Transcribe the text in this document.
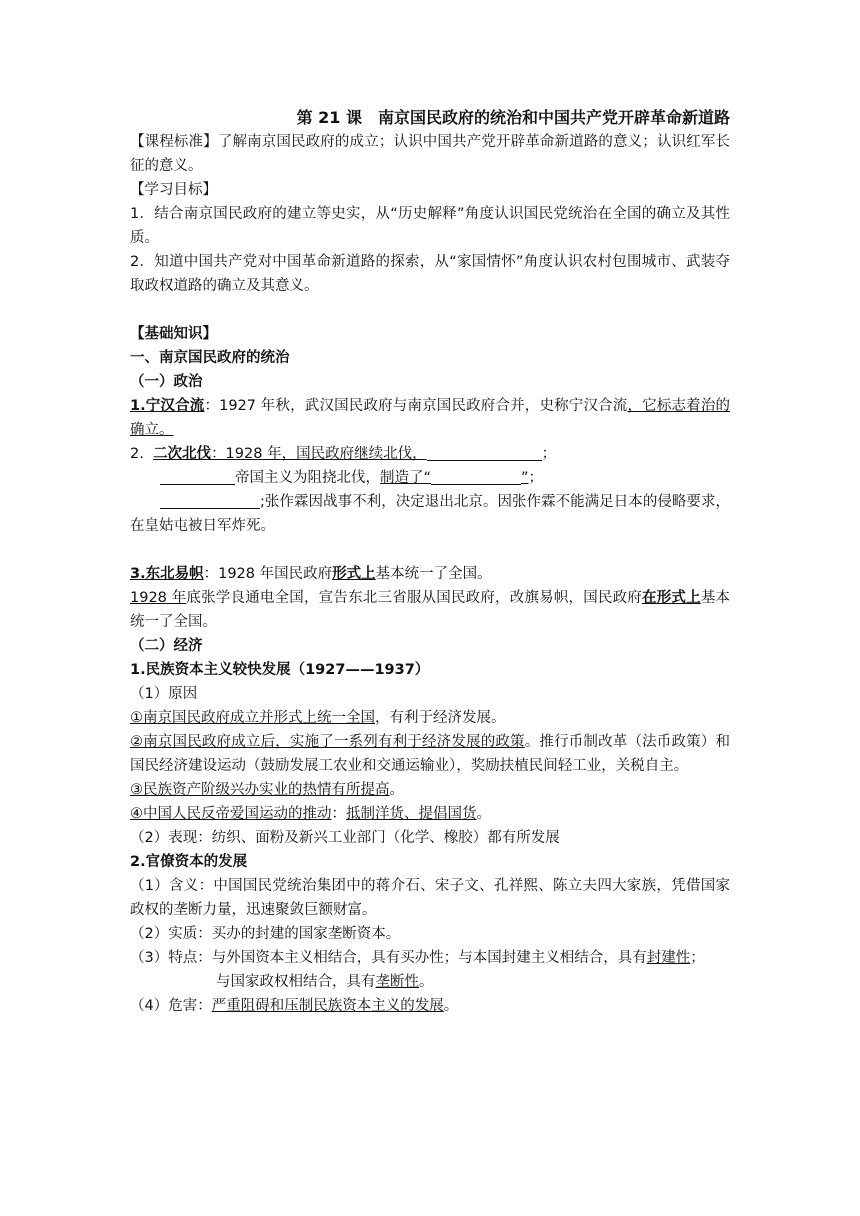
第 21 课　南京国民政府的统治和中国共产党开辟革命新道路

【课程标准】了解南京国民政府的成立；认识中国共产党开辟革命新道路的意义；认识红军长征的意义。

【学习目标】

1．结合南京国民政府的建立等史实，从“历史解释”角度认识国民党统治在全国的确立及其性质。

2．知道中国共产党对中国革命新道路的探索，从“家国情怀”角度认识农村包围城市、武装夺取政权道路的确立及其意义。

【基础知识】

一、南京国民政府的统治

（一）政治

1.宁汉合流：1927 年秋，武汉国民政府与南京国民政府合并，史称宁汉合流，它标志着治的确立。

2. 二次北伐：1928 年，国民政府继续北伐，	；

帝国主义为阻挠北伐，制造了“	”；

;张作霖因战事不利，决定退出北京。因张作霖不能满足日本的侵略要求，在皇姑屯被日军炸死。

3.东北易帜：1928 年国民政府形式上基本统一了全国。

1928 年底张学良通电全国，宣告东北三省服从国民政府，改旗易帜，国民政府在形式上基本统一了全国。

（二）经济

1.民族资本主义较快发展（1927——1937）

（1）原因

①南京国民政府成立并形式上统一全国，有利于经济发展。

②南京国民政府成立后，实施了一系列有利于经济发展的政策。推行币制改革（法币政策）和国民经济建设运动（鼓励发展工农业和交通运输业），奖励扶植民间轻工业，关税自主。

③民族资产阶级兴办实业的热情有所提高。

④中国人民反帝爱国运动的推动：抵制洋货、提倡国货。

（2）表现：纺织、面粉及新兴工业部门（化学、橡胶）都有所发展

2.官僚资本的发展

（1）含义：中国国民党统治集团中的蒋介石、宋子文、孔祥熙、陈立夫四大家族，凭借国家政权的垄断力量，迅速聚敛巨额财富。

（2）实质：买办的封建的国家垄断资本。

（3）特点：与外国资本主义相结合，具有买办性；与本国封建主义相结合，具有封建性；

与国家政权相结合，具有垄断性。

（4）危害：严重阻碍和压制民族资本主义的发展。
